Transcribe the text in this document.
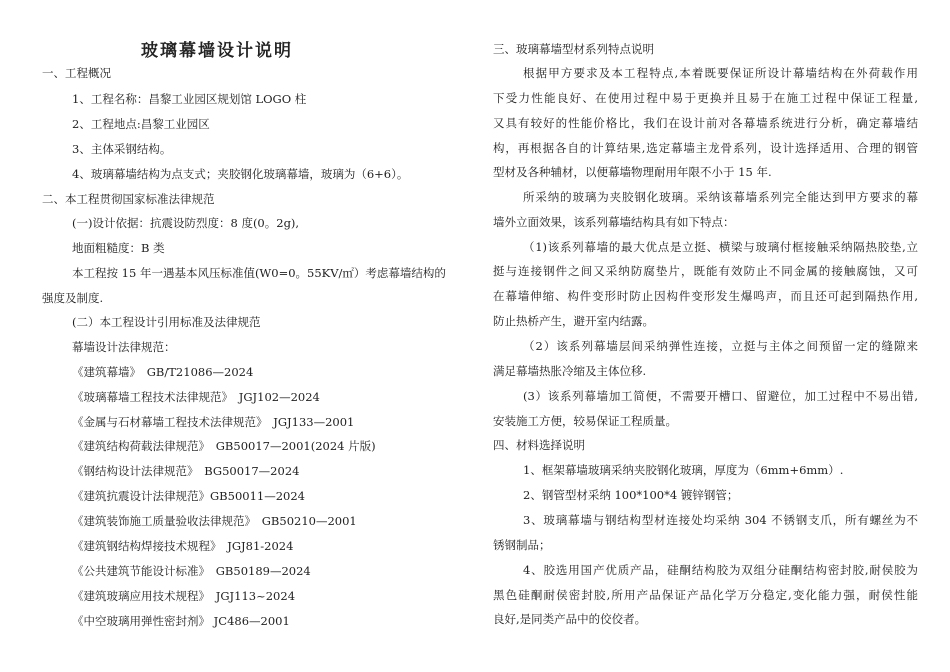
玻璃幕墙设计说明
一、工程概况
1、工程名称：昌黎工业园区规划馆 LOGO 柱
2、工程地点:昌黎工业园区
3、主体采钢结构。
4、玻璃幕墙结构为点支式；夹胶钢化玻璃幕墙，玻璃为（6+6）。
二、本工程贯彻国家标准法律规范
(一)设计依据：抗震设防烈度：8 度(0。2g),
地面粗糙度：B 类
本工程按 15 年一遇基本风压标准值(W0=0。55KV/㎡）考虑幕墙结构的
强度及制度.
(二）本工程设计引用标准及法律规范
幕墙设计法律规范：
《建筑幕墙》　GB/T21086—2024
《玻璃幕墙工程技术法律规范》　JGJ102—2024
《金属与石材幕墙工程技术法律规范》　JGJ133—2001
《建筑结构荷载法律规范》　GB50017—2001(2024 片版)
《钢结构设计法律规范》　BG50017—2024
《建筑抗震设计法律规范》GB50011—2024
《建筑装饰施工质量验收法律规范》　GB50210—2001
《建筑钢结构焊接技术规程》　JGJ81-2024
《公共建筑节能设计标准》　GB50189—2024
《建筑玻璃应用技术规程》　JGJ113~2024
《中空玻璃用弹性密封剂》 JC486—2001
三、玻璃幕墙型材系列特点说明
根据甲方要求及本工程特点,本着既要保证所设计幕墙结构在外荷载作用
下受力性能良好、在使用过程中易于更换并且易于在施工过程中保证工程量,
又具有较好的性能价格比，我们在设计前对各幕墙系统进行分析，确定幕墙结
构，再根据各自的计算结果,选定幕墙主龙骨系列，设计选择适用、合理的钢管
型材及各种辅材，以便幕墙物理耐用年限不小于 15 年.
所采纳的玻璃为夹胶钢化玻璃。采纳该幕墙系列完全能达到甲方要求的幕
墙外立面效果，该系列幕墙结构具有如下特点：
（1)该系列幕墙的最大优点是立挺、横梁与玻璃付框接触采纳隔热胶垫,立
挺与连接钢件之间又采纳防腐垫片，既能有效防止不同金属的接触腐蚀，又可
在幕墙伸缩、构件变形时防止因构件变形发生爆鸣声，而且还可起到隔热作用,
防止热桥产生，避开室内结露。
（2）该系列幕墙层间采纳弹性连接，立挺与主体之间预留一定的缝隙来
满足幕墙热胀冷缩及主体位移.
(3）该系列幕墙加工简便，不需要开槽口、留避位，加工过程中不易出错,
安装施工方便，较易保证工程质量。
四、材料选择说明
1、框架幕墙玻璃采纳夹胶钢化玻璃，厚度为（6mm+6mm）.
2、钢管型材采纳 100*100*4 镀锌钢管；
3、玻璃幕墙与钢结构型材连接处均采纳 304 不锈钢支爪，所有螺丝为不
锈钢制品；
4、胶选用国产优质产品，硅酮结构胶为双组分硅酮结构密封胶,耐侯胶为
黑色硅酮耐侯密封胶,所用产品保证产品化学万分稳定,变化能力强，耐侯性能
良好,是同类产品中的佼佼者。
